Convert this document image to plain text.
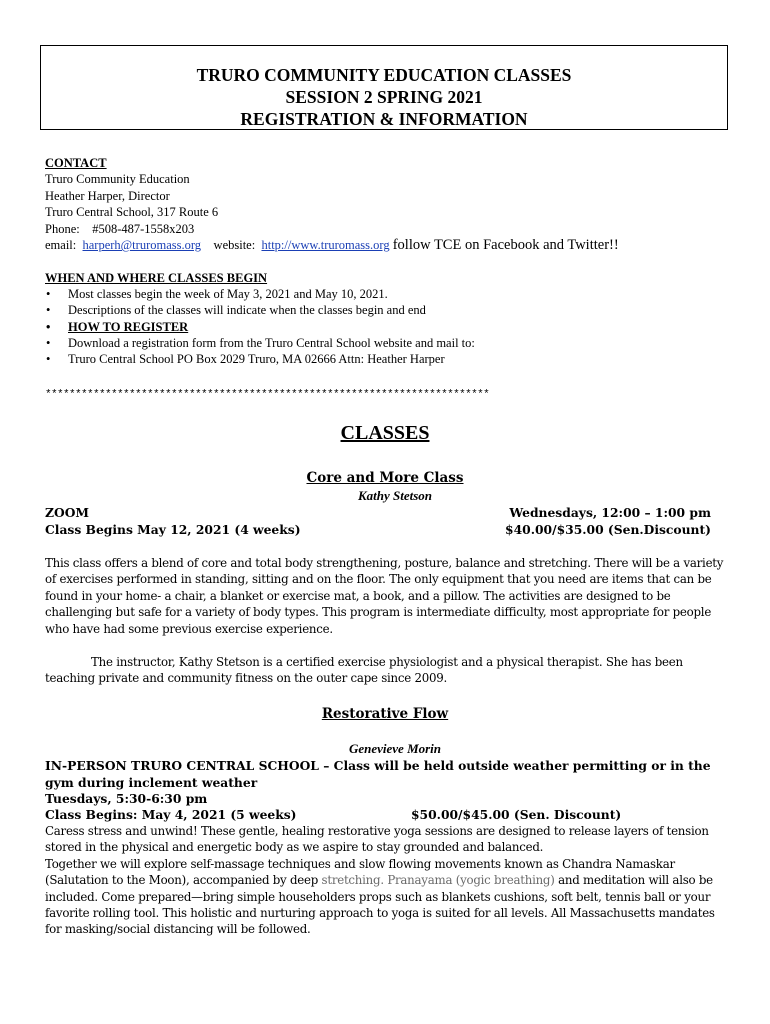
TRURO COMMUNITY EDUCATION CLASSES
SESSION 2 SPRING 2021
REGISTRATION & INFORMATION
CONTACT
Truro Community Education
Heather Harper, Director
Truro Central School, 317 Route 6
Phone: #508-487-1558x203
email: harperh@truromass.org website: http://www.truromass.org follow TCE on Facebook and Twitter!!
WHEN AND WHERE CLASSES BEGIN
• Most classes begin the week of May 3, 2021 and May 10, 2021.
• Descriptions of the classes will indicate when the classes begin and end
• HOW TO REGISTER
• Download a registration form from the Truro Central School website and mail to:
• Truro Central School PO Box 2029 Truro, MA 02666 Attn: Heather Harper
**************************************************************************
CLASSES
Core and More Class
Kathy Stetson
ZOOM
Class Begins May 12, 2021 (4 weeks)
Wednesdays, 12:00 – 1:00 pm
$40.00/$35.00 (Sen.Discount)

This class offers a blend of core and total body strengthening, posture, balance and stretching. There will be a variety of exercises performed in standing, sitting and on the floor. The only equipment that you need are items that can be found in your home- a chair, a blanket or exercise mat, a book, and a pillow. The activities are designed to be challenging but safe for a variety of body types. This program is intermediate difficulty, most appropriate for people who have had some previous exercise experience.

The instructor, Kathy Stetson is a certified exercise physiologist and a physical therapist. She has been teaching private and community fitness on the outer cape since 2009.

Restorative Flow
Genevieve Morin
IN-PERSON TRURO CENTRAL SCHOOL – Class will be held outside weather permitting or in the gym during inclement weather
Tuesdays, 5:30-6:30 pm
Class Begins: May 4, 2021 (5 weeks)	$50.00/$45.00 (Sen. Discount)

Caress stress and unwind! These gentle, healing restorative yoga sessions are designed to release layers of tension stored in the physical and energetic body as we aspire to stay grounded and balanced.

Together we will explore self-massage techniques and slow flowing movements known as Chandra Namaskar (Salutation to the Moon), accompanied by deep stretching. Pranayama (yogic breathing) and meditation will also be included. Come prepared—bring simple householders props such as blankets cushions, soft belt, tennis ball or your favorite rolling tool. This holistic and nurturing approach to yoga is suited for all levels. All Massachusetts mandates for masking/social distancing will be followed.
